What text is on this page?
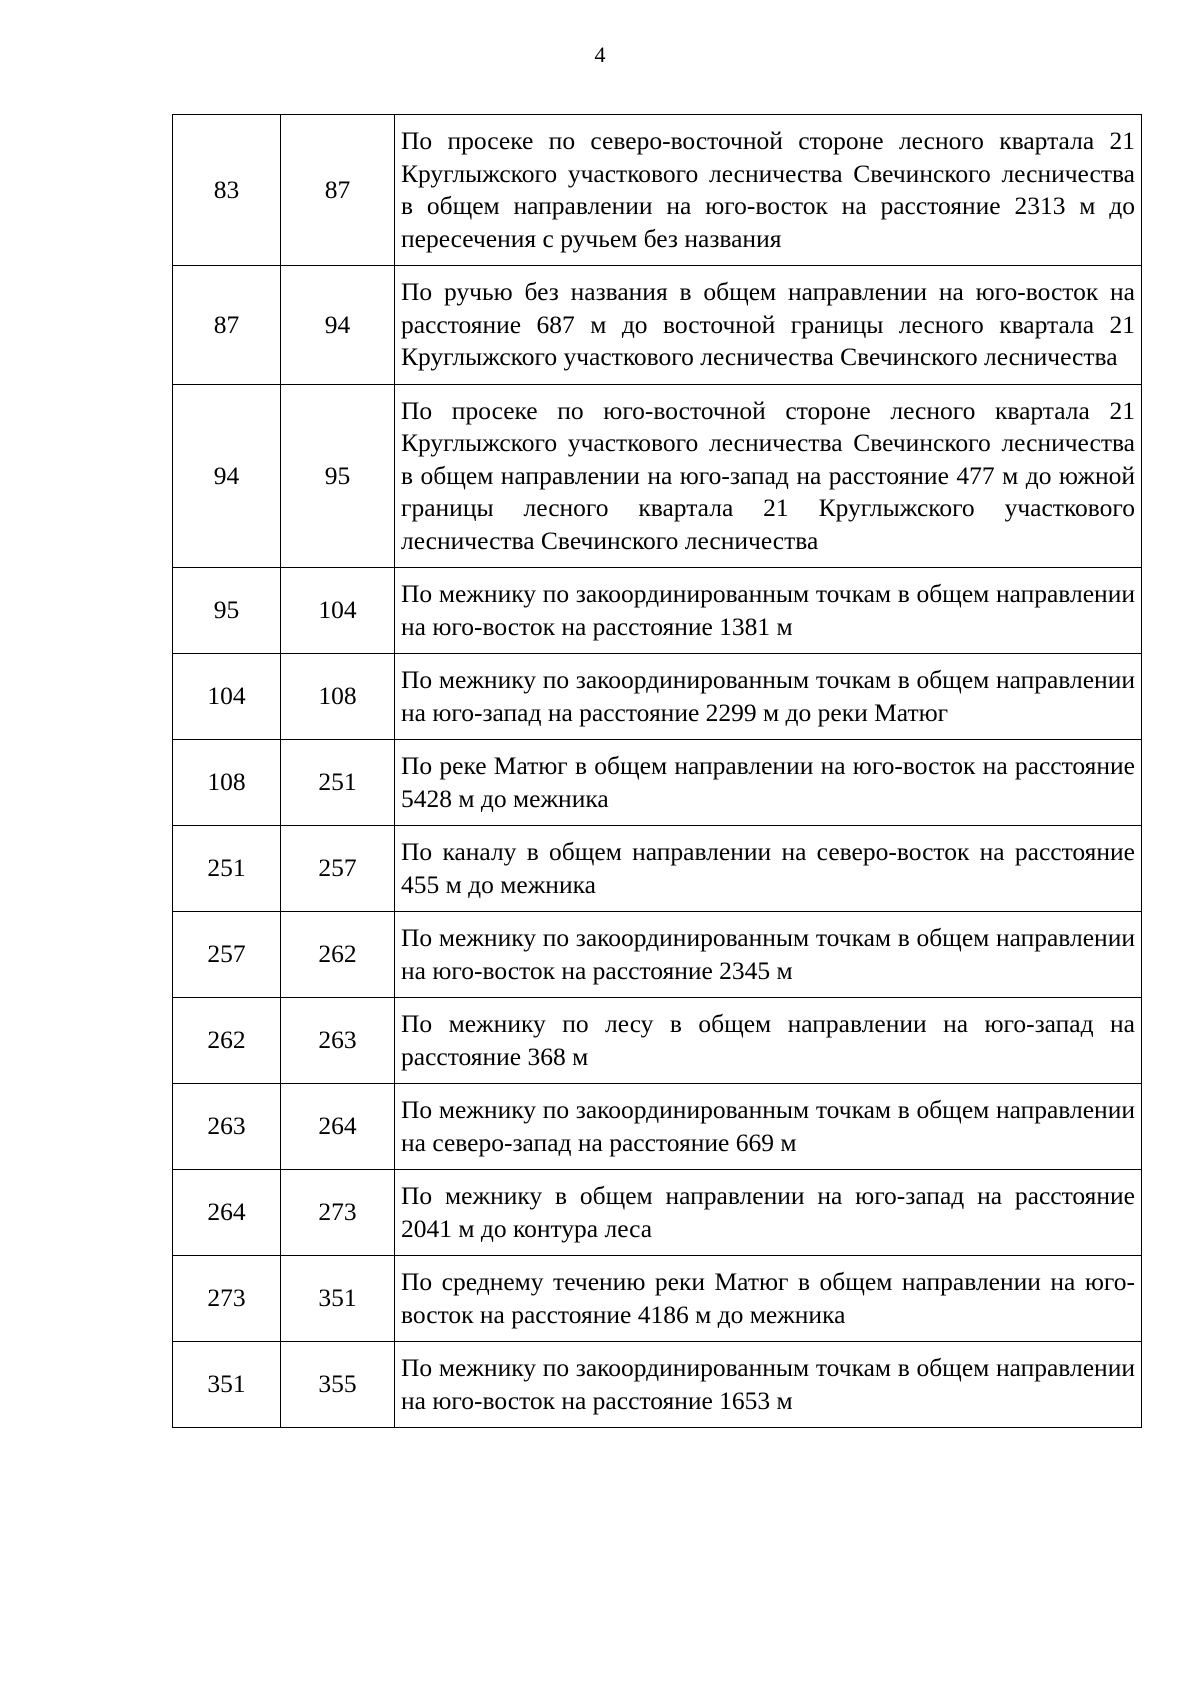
4
83	87	По просеке по северо-восточной стороне лесного квартала 21 Круглыжского участкового лесничества Свечинского лесничества в общем направлении на юго-восток на расстояние 2313 м до пересечения с ручьем без названия
87	94	По ручью без названия в общем направлении на юго-восток на расстояние 687 м до восточной границы лесного квартала 21 Круглыжского участкового лесничества Свечинского лесничества
94	95	По просеке по юго-восточной стороне лесного квартала 21 Круглыжского участкового лесничества Свечинского лесничества в общем направлении на юго-запад на расстояние 477 м до южной границы лесного квартала 21 Круглыжского участкового лесничества Свечинского лесничества
95	104	По межнику по закоординированным точкам в общем направлении на юго-восток на расстояние 1381 м
104	108	По межнику по закоординированным точкам в общем направлении на юго-запад на расстояние 2299 м до реки Матюг
108	251	По реке Матюг в общем направлении на юго-восток на расстояние 5428 м до межника
251	257	По каналу в общем направлении на северо-восток на расстояние 455 м до межника
257	262	По межнику по закоординированным точкам в общем направлении на юго-восток на расстояние 2345 м
262	263	По межнику по лесу в общем направлении на юго-запад на расстояние 368 м
263	264	По межнику по закоординированным точкам в общем направлении на северо-запад на расстояние 669 м
264	273	По межнику в общем направлении на юго-запад на расстояние 2041 м до контура леса
273	351	По среднему течению реки Матюг в общем направлении на юго-восток на расстояние 4186 м до межника
351	355	По межнику по закоординированным точкам в общем направлении на юго-восток на расстояние 1653 м
